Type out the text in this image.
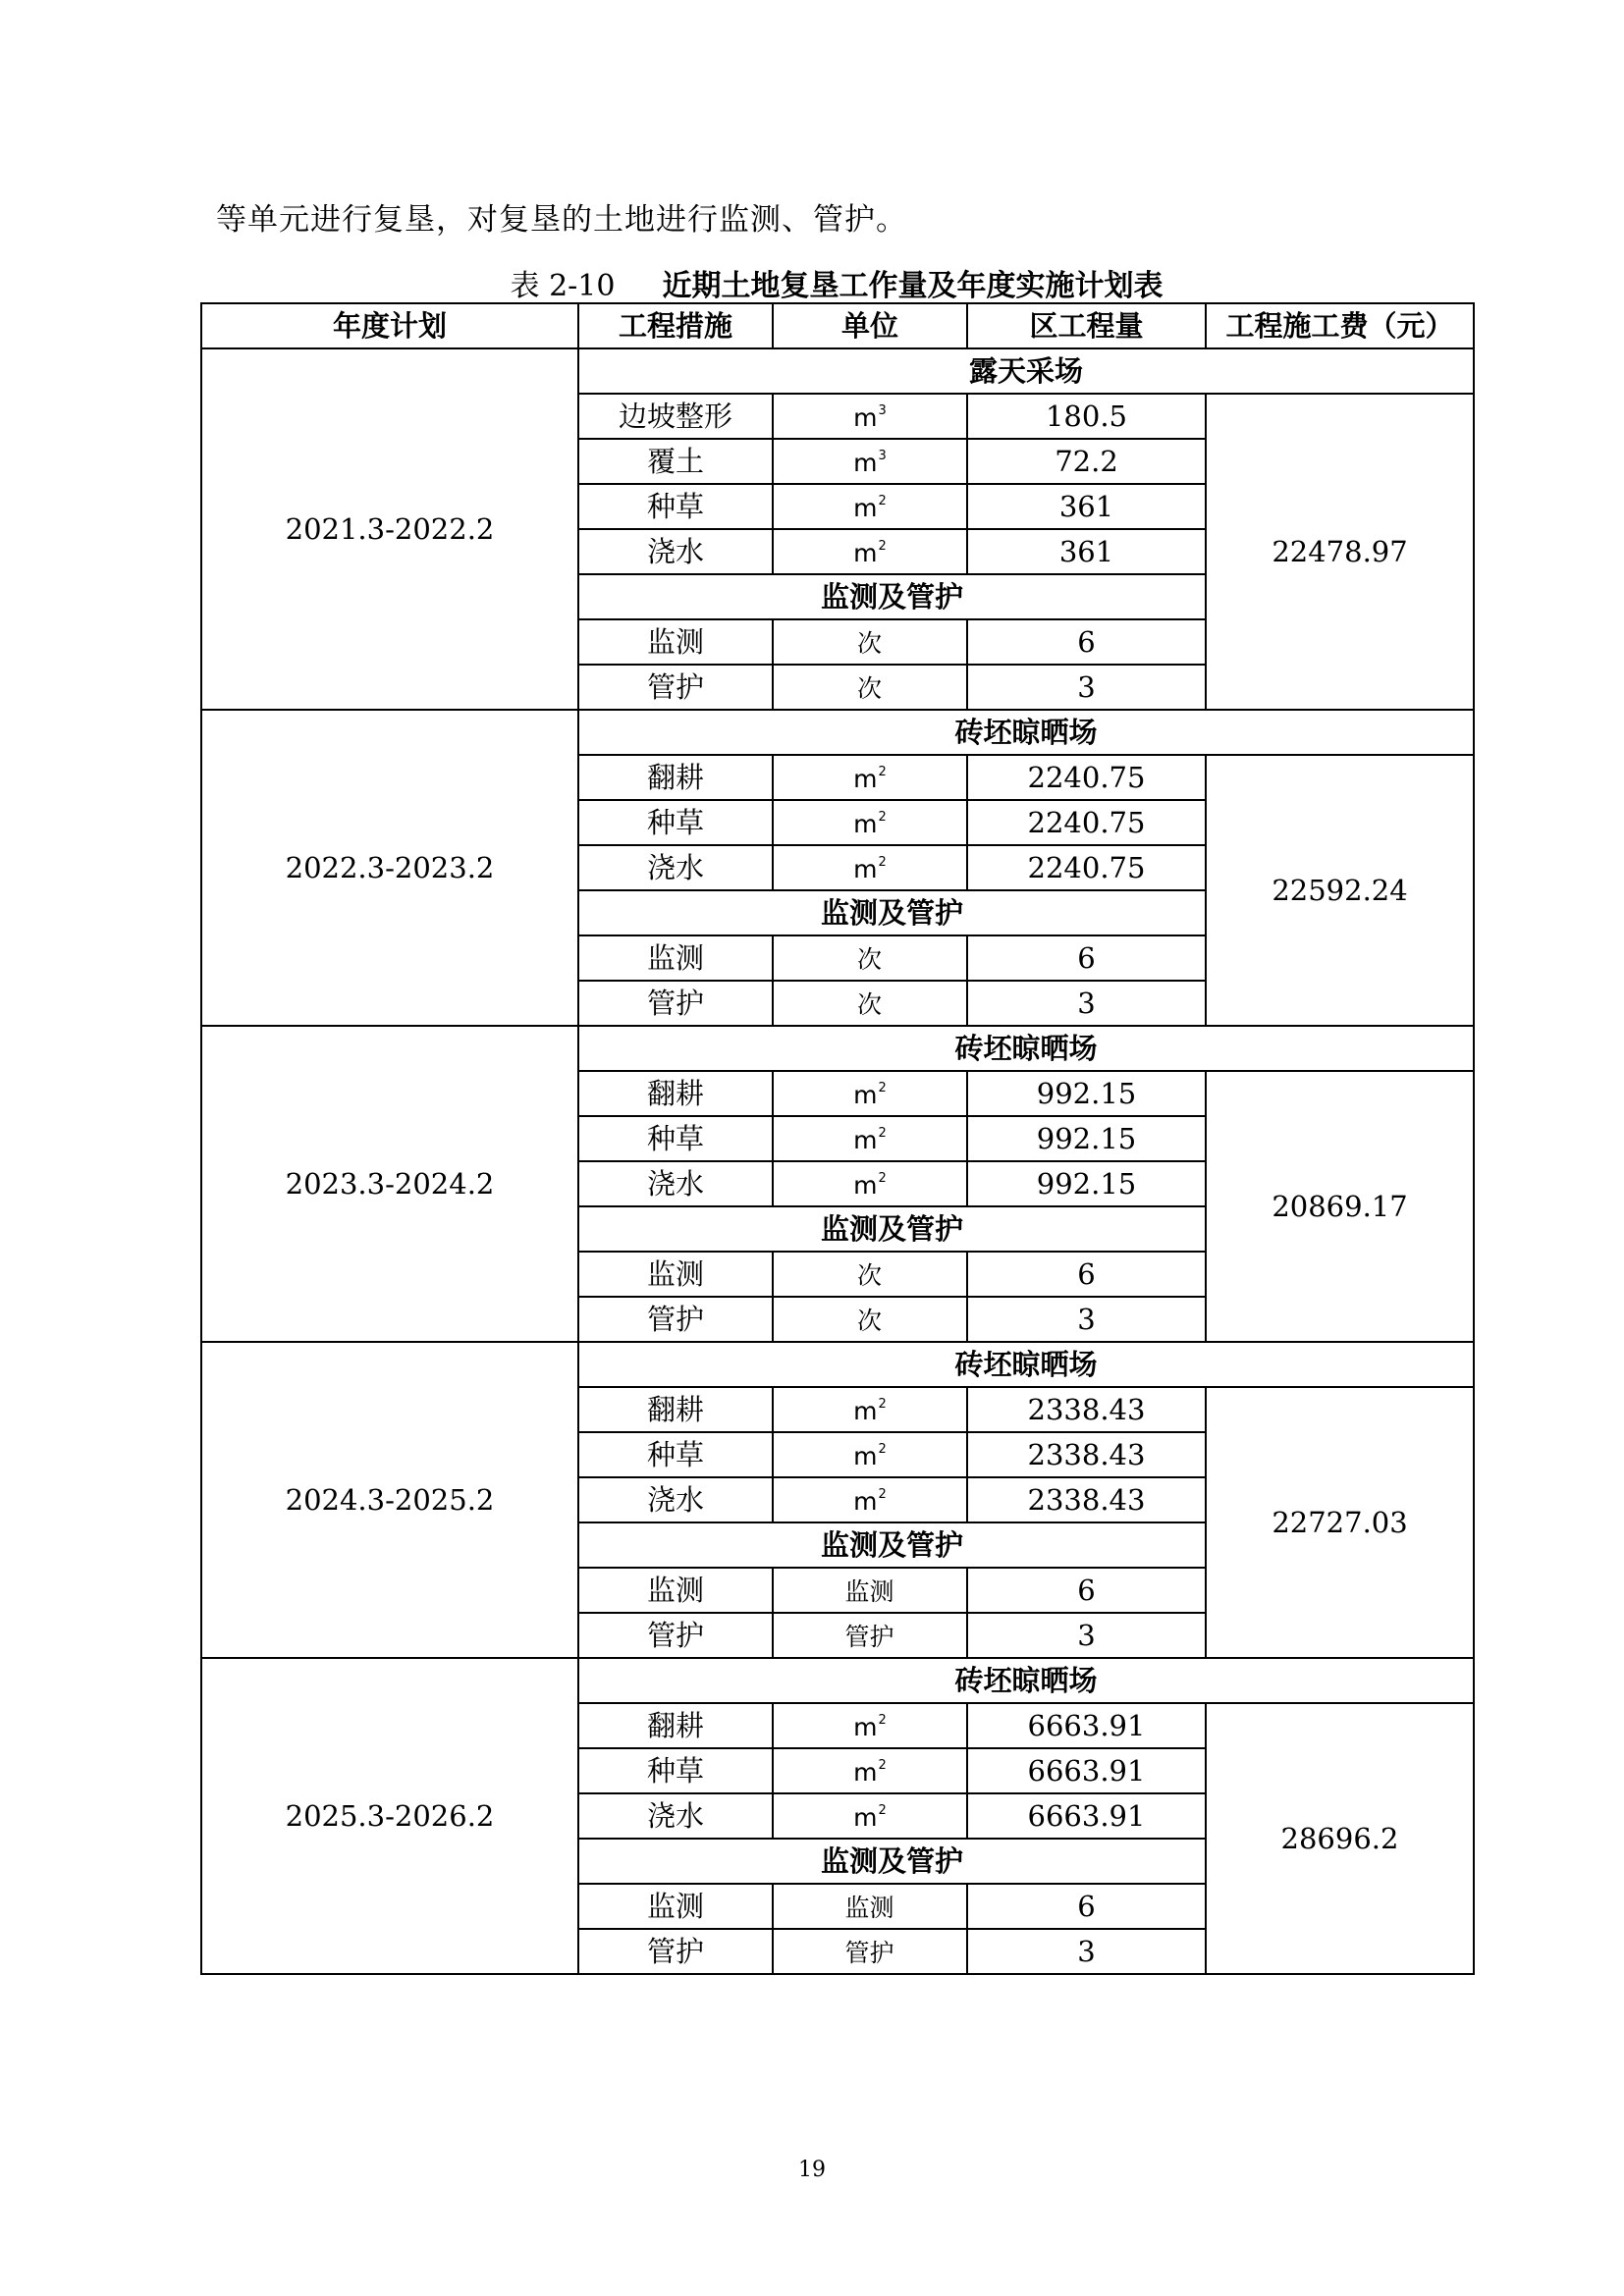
等单元进行复垦，对复垦的土地进行监测、管护。
表 2-10 近期土地复垦工作量及年度实施计划表
年度计划	工程措施	单位	区工程量	工程施工费（元）
2021.3-2022.2	露天采场			
	边坡整形	$m^3$	180.5	22478.97
	覆土	$m^3$	72.2	
	种草	$m^2$	361	
	浇水	$m^2$	361	
	监测及管护			
	监测	次	6	
	管护	次	3	
2022.3-2023.2	砖坯晾晒场			
	翻耕	$m^2$	2240.75	22592.24
	种草	$m^2$	2240.75	
	浇水	$m^2$	2240.75	
	监测及管护			
	监测	次	6	
	管护	次	3	
2023.3-2024.2	砖坯晾晒场			
	翻耕	$m^2$	992.15	20869.17
	种草	$m^2$	992.15	
	浇水	$m^2$	992.15	
	监测及管护			
	监测	次	6	
	管护	次	3	
2024.3-2025.2	砖坯晾晒场			
	翻耕	$m^2$	2338.43	22727.03
	种草	$m^2$	2338.43	
	浇水	$m^2$	2338.43	
	监测及管护			
	监测	监测	6	
	管护	管护	3	
2025.3-2026.2	砖坯晾晒场			
	翻耕	$m^2$	6663.91	28696.2
	种草	$m^2$	6663.91	
	浇水	$m^2$	6663.91	
	监测及管护			
	监测	监测	6	
	管护	管护	3	
19
